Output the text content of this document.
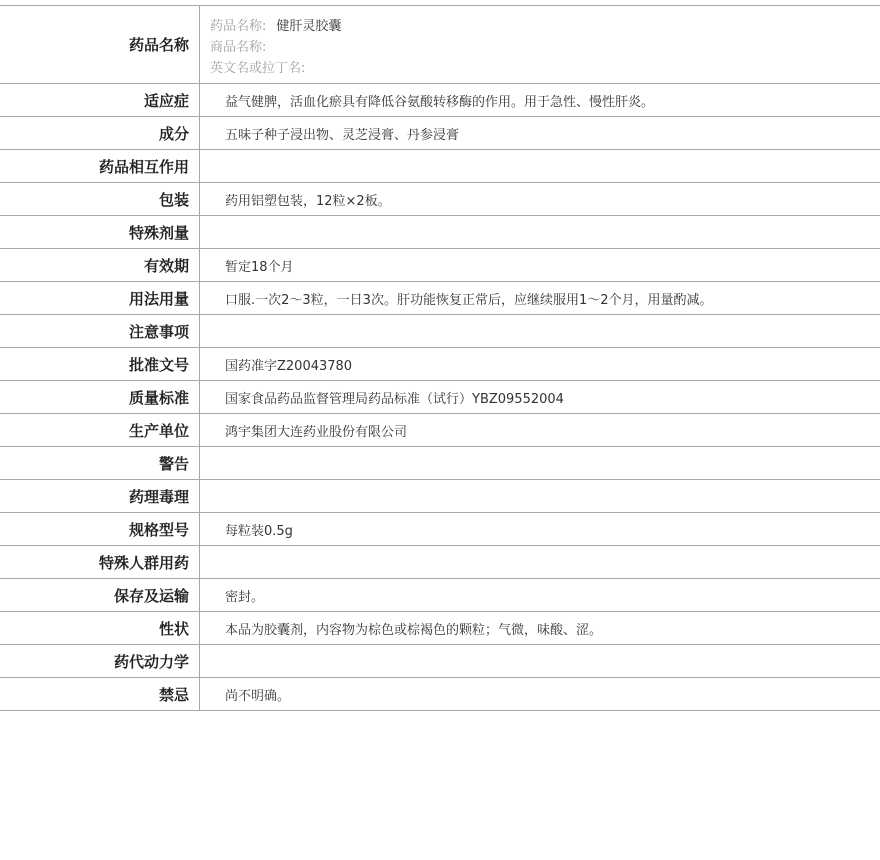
药品名称
药品名称: 健肝灵胶囊
商品名称:
英文名或拉丁名:
适应症	益气健脾，活血化瘀具有降低谷氨酸转移酶的作用。用于急性、慢性肝炎。
成分	五味子种子浸出物、灵芝浸膏、丹参浸膏
药品相互作用
包装	药用铝塑包装，12粒×2板。
特殊剂量
有效期	暂定18个月
用法用量	口服.一次2～3粒，一日3次。肝功能恢复正常后，应继续服用1～2个月，用量酌减。
注意事项
批准文号	国药准字Z20043780
质量标准	国家食品药品监督管理局药品标准（试行）YBZ09552004
生产单位	鸿宇集团大连药业股份有限公司
警告
药理毒理
规格型号	每粒装0.5g
特殊人群用药
保存及运输	密封。
性状	本品为胶囊剂，内容物为棕色或棕褐色的颗粒；气微，味酸、涩。
药代动力学
禁忌	尚不明确。
